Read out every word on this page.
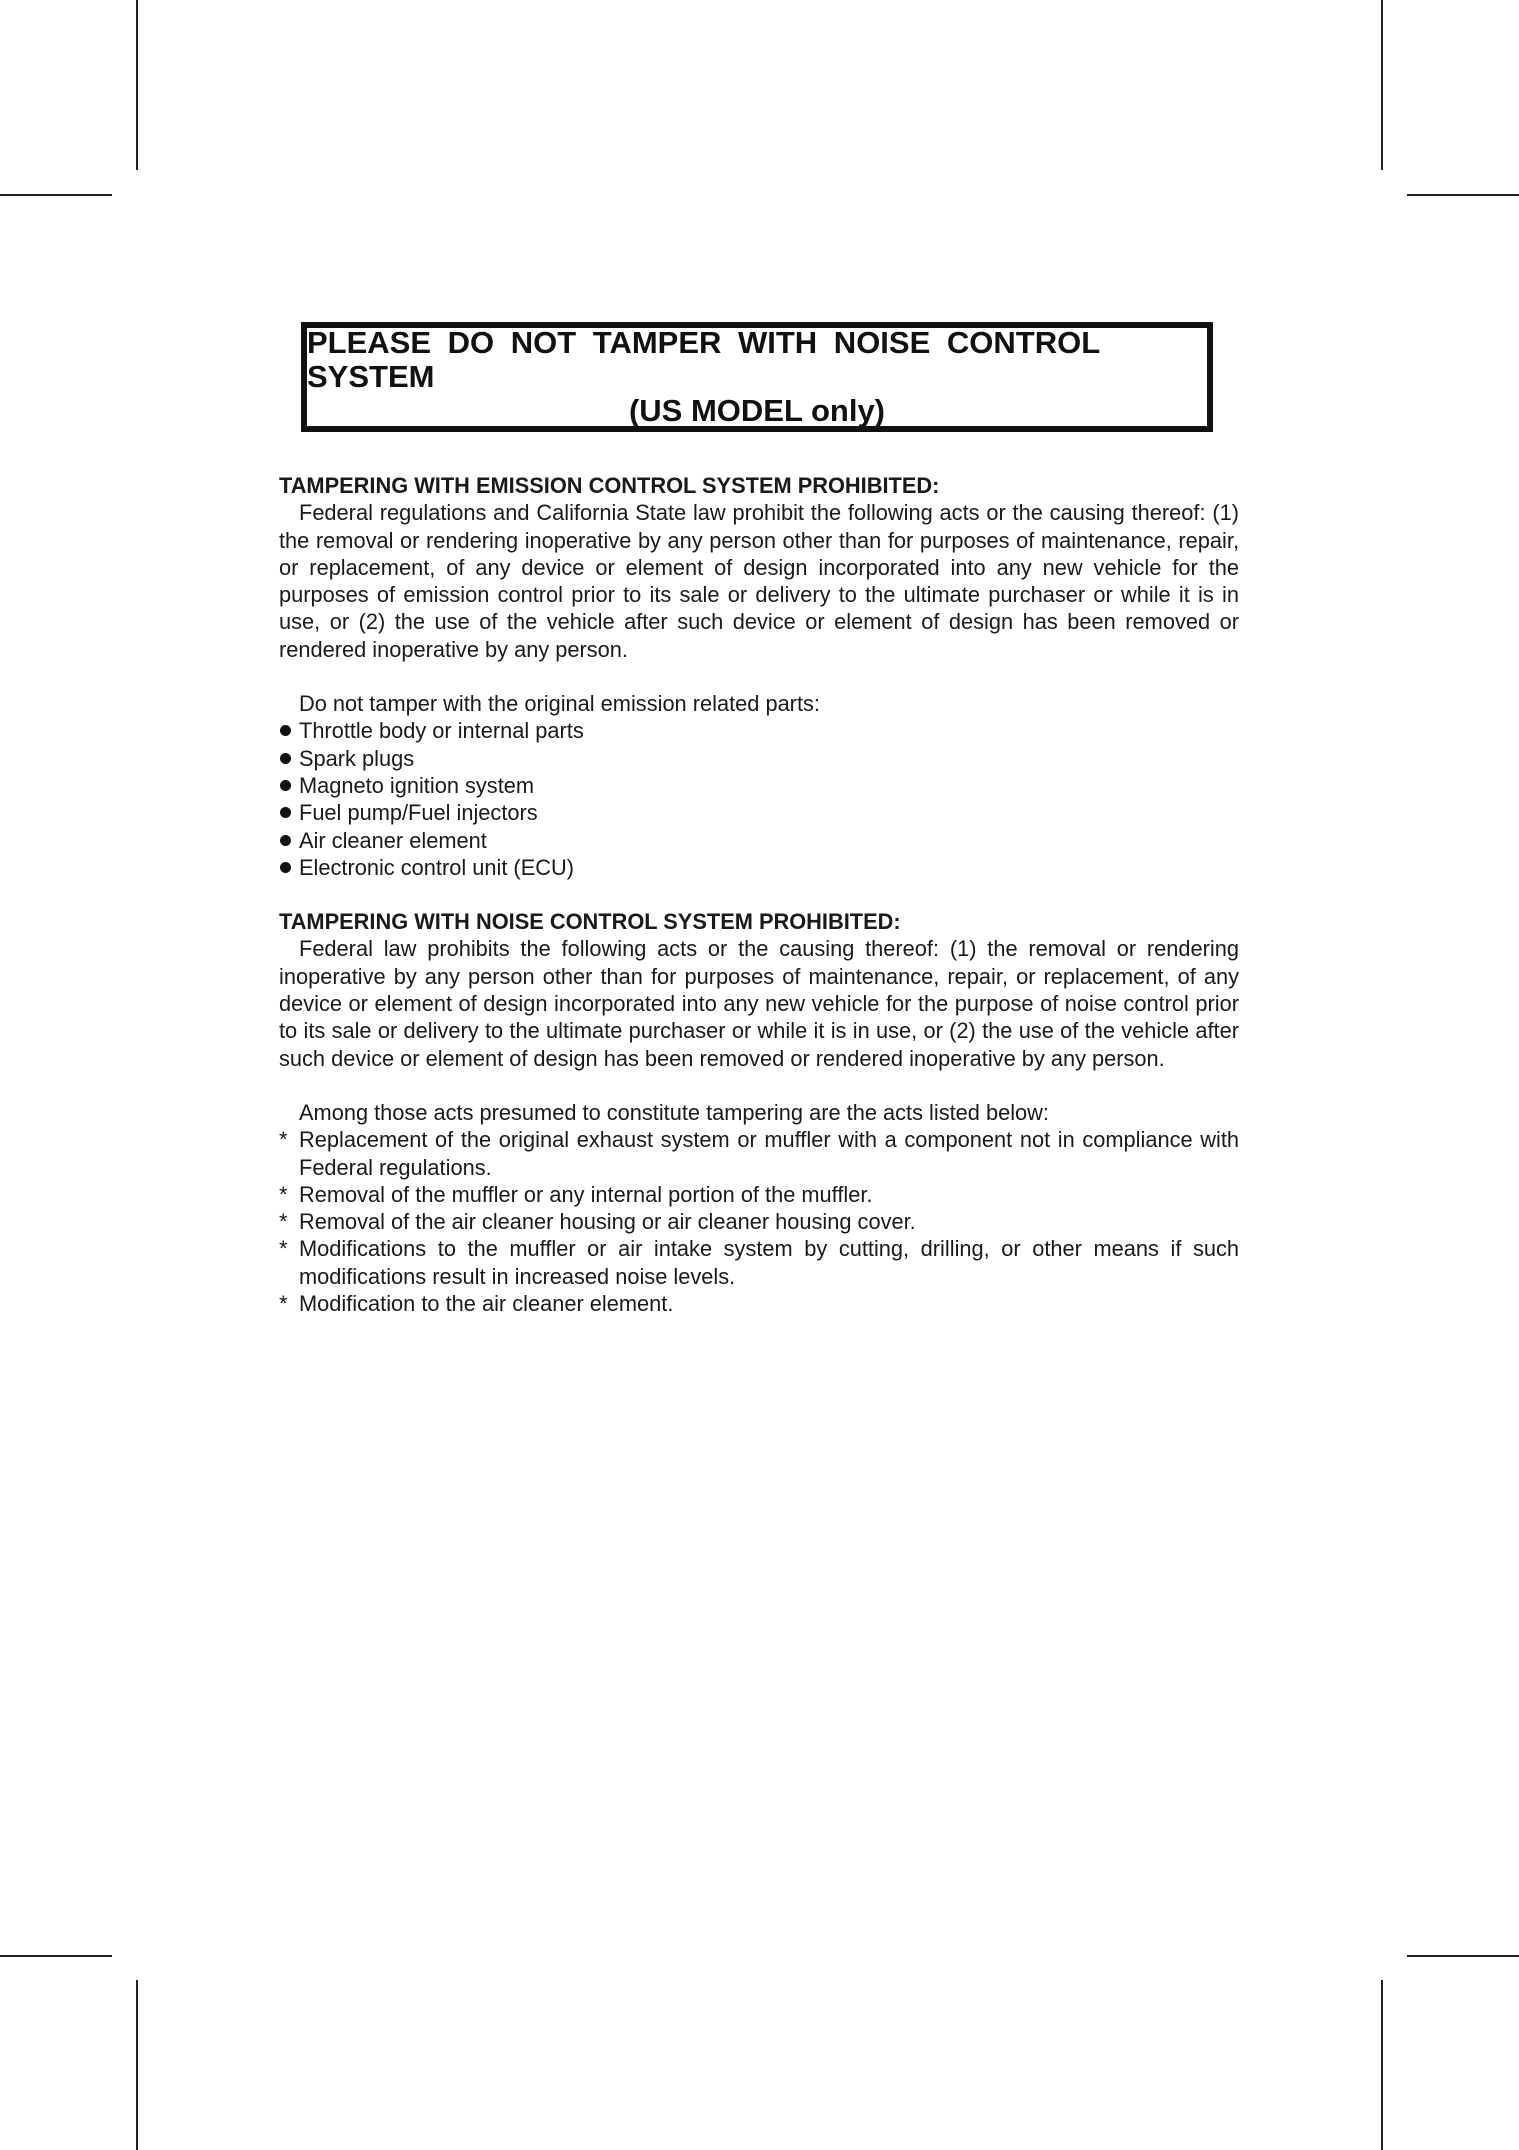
PLEASE DO NOT TAMPER WITH NOISE CONTROL SYSTEM
(US MODEL only)

TAMPERING WITH EMISSION CONTROL SYSTEM PROHIBITED:

Federal regulations and California State law prohibit the following acts or the causing thereof: (1) the removal or rendering inoperative by any person other than for purposes of maintenance, repair, or replacement, of any device or element of design incorporated into any new vehicle for the purposes of emission control prior to its sale or delivery to the ultimate purchaser or while it is in use, or (2) the use of the vehicle after such device or element of design has been removed or rendered inoperative by any person.

Do not tamper with the original emission related parts:

Throttle body or internal parts
Spark plugs
Magneto ignition system
Fuel pump/Fuel injectors
Air cleaner element
Electronic control unit (ECU)

TAMPERING WITH NOISE CONTROL SYSTEM PROHIBITED:

Federal law prohibits the following acts or the causing thereof: (1) the removal or rendering inoperative by any person other than for purposes of maintenance, repair, or replacement, of any device or element of design incorporated into any new vehicle for the purpose of noise control prior to its sale or delivery to the ultimate purchaser or while it is in use, or (2) the use of the vehicle after such device or element of design has been removed or rendered inoperative by any person.

Among those acts presumed to constitute tampering are the acts listed below:

* Replacement of the original exhaust system or muffler with a component not in compliance with Federal regulations.
* Removal of the muffler or any internal portion of the muffler.
* Removal of the air cleaner housing or air cleaner housing cover.
* Modifications to the muffler or air intake system by cutting, drilling, or other means if such modifications result in increased noise levels.
* Modification to the air cleaner element.
